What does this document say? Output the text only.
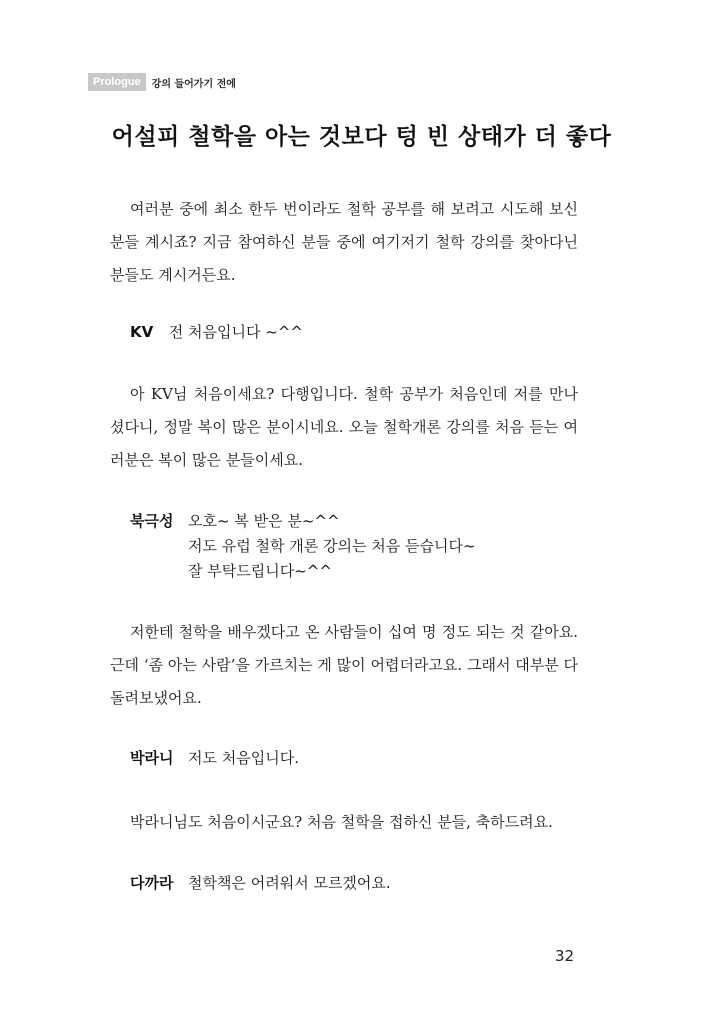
Prologue	강의 들어가기 전에
어설피 철학을 아는 것보다 텅 빈 상태가 더 좋다

여러분 중에 최소 한두 번이라도 철학 공부를 해 보려고 시도해 보신 분들 계시죠? 지금 참여하신 분들 중에 여기저기 철학 강의를 찾아다닌 분들도 계시거든요.

KV 전 처음입니다 ~^^

아 KV님 처음이세요? 다행입니다. 철학 공부가 처음인데 저를 만나셨다니, 정말 복이 많은 분이시네요. 오늘 철학개론 강의를 처음 듣는 여러분은 복이 많은 분들이세요.

북극성 오호~ 복 받은 분~^^
저도 유럽 철학 개론 강의는 처음 듣습니다~
잘 부탁드립니다~^^

저한테 철학을 배우겠다고 온 사람들이 십여 명 정도 되는 것 같아요. 근데 ‘좀 아는 사람’을 가르치는 게 많이 어렵더라고요. 그래서 대부분 다 돌려보냈어요.

박라니 저도 처음입니다.

박라니님도 처음이시군요? 처음 철학을 접하신 분들, 축하드려요.

다까라 철학책은 어려워서 모르겠어요.
32
